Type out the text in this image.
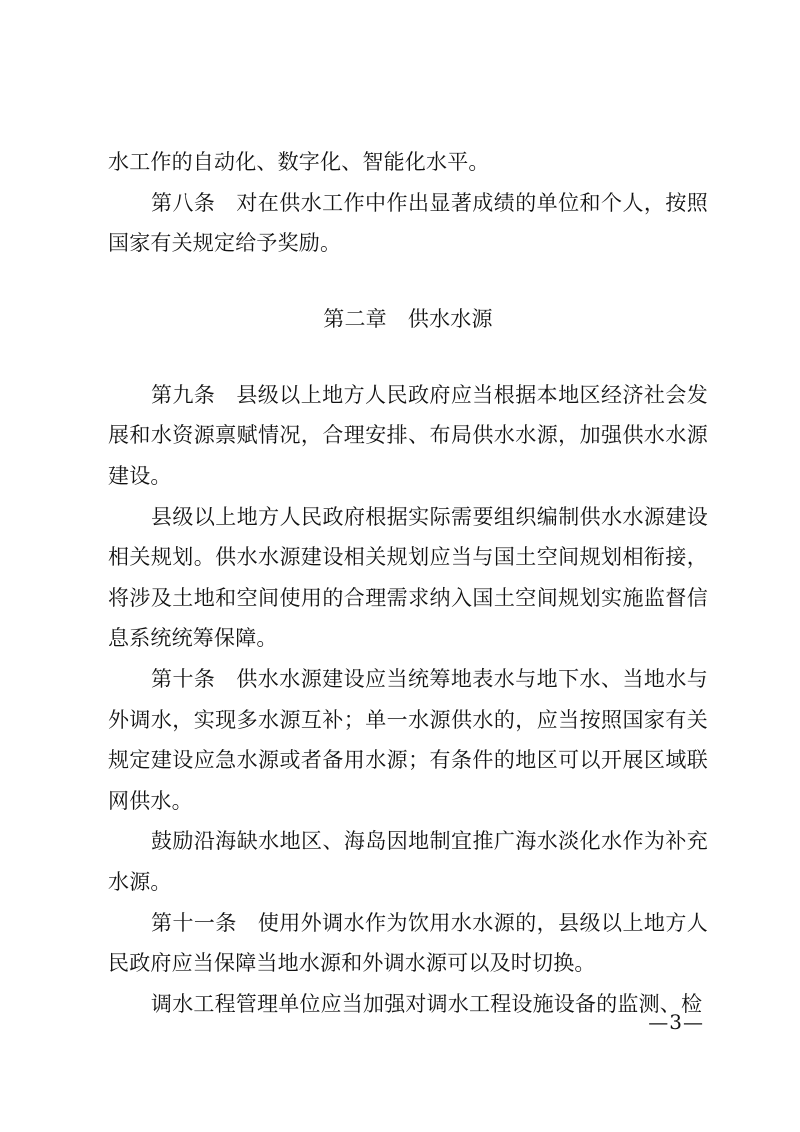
水工作的自动化、数字化、智能化水平。

第八条 对在供水工作中作出显著成绩的单位和个人，按照国家有关规定给予奖励。

第二章 供水水源

第九条 县级以上地方人民政府应当根据本地区经济社会发展和水资源禀赋情况，合理安排、布局供水水源，加强供水水源建设。

县级以上地方人民政府根据实际需要组织编制供水水源建设相关规划。供水水源建设相关规划应当与国土空间规划相衔接，将涉及土地和空间使用的合理需求纳入国土空间规划实施监督信息系统统筹保障。

第十条 供水水源建设应当统筹地表水与地下水、当地水与外调水，实现多水源互补；单一水源供水的，应当按照国家有关规定建设应急水源或者备用水源；有条件的地区可以开展区域联网供水。

鼓励沿海缺水地区、海岛因地制宜推广海水淡化水作为补充水源。

第十一条 使用外调水作为饮用水水源的，县级以上地方人民政府应当保障当地水源和外调水源可以及时切换。

调水工程管理单位应当加强对调水工程设施设备的监测、检

—3—
